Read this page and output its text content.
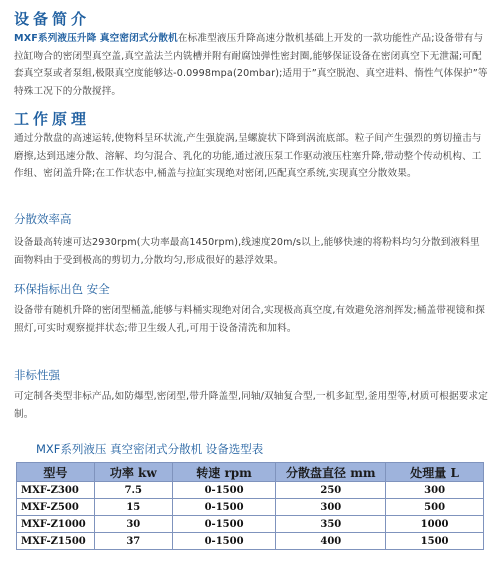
设备简介

MXF系列液压升降 真空密闭式分散机在标准型液压升降高速分散机基础上开发的一款功能性产品;设备带有与拉缸吻合的密闭型真空盖,真空盖法兰内铣槽并附有耐腐蚀弹性密封圈,能够保证设备在密闭真空下无泄漏;可配套真空泵或者泵组,极限真空度能够达-0.0998mpa(20mbar);适用于”真空脱泡、真空进料、惰性气体保护”等特殊工况下的分散搅拌。

工作原理

通过分散盘的高速运转,使物料呈环状流,产生强旋涡,呈螺旋状下降到涡流底部。粒子间产生强烈的剪切撞击与磨擦,达到迅速分散、溶解、均匀混合、乳化的功能,通过液压泵工作驱动液压柱塞升降,带动整个传动机构、工作组、密闭盖升降;在工作状态中,桶盖与拉缸实现绝对密闭,匹配真空系统,实现真空分散效果。

分散效率高

设备最高转速可达2930rpm(大功率最高1450rpm),线速度20m/s以上,能够快速的将粉料均匀分散到液料里面物料由于受到极高的剪切力,分散均匀,形成很好的悬浮效果。

环保指标出色 安全

设备带有随机升降的密闭型桶盖,能够与料桶实现绝对闭合,实现极高真空度,有效避免溶剂挥发;桶盖带视镜和探照灯,可实时观察搅拌状态;带卫生级人孔,可用于设备清洗和加料。

非标性强

可定制各类型非标产品,如防爆型,密闭型,带升降盖型,同轴/双轴复合型,一机多缸型,釜用型等,材质可根据要求定制。

MXF系列液压 真空密闭式分散机 设备选型表
型号	功率 kw	转速 rpm	分散盘直径 mm	处理量 L
MXF-Z300	7.5	0-1500	250	300
MXF-Z500	15	0-1500	300	500
MXF-Z1000	30	0-1500	350	1000
MXF-Z1500	37	0-1500	400	1500
